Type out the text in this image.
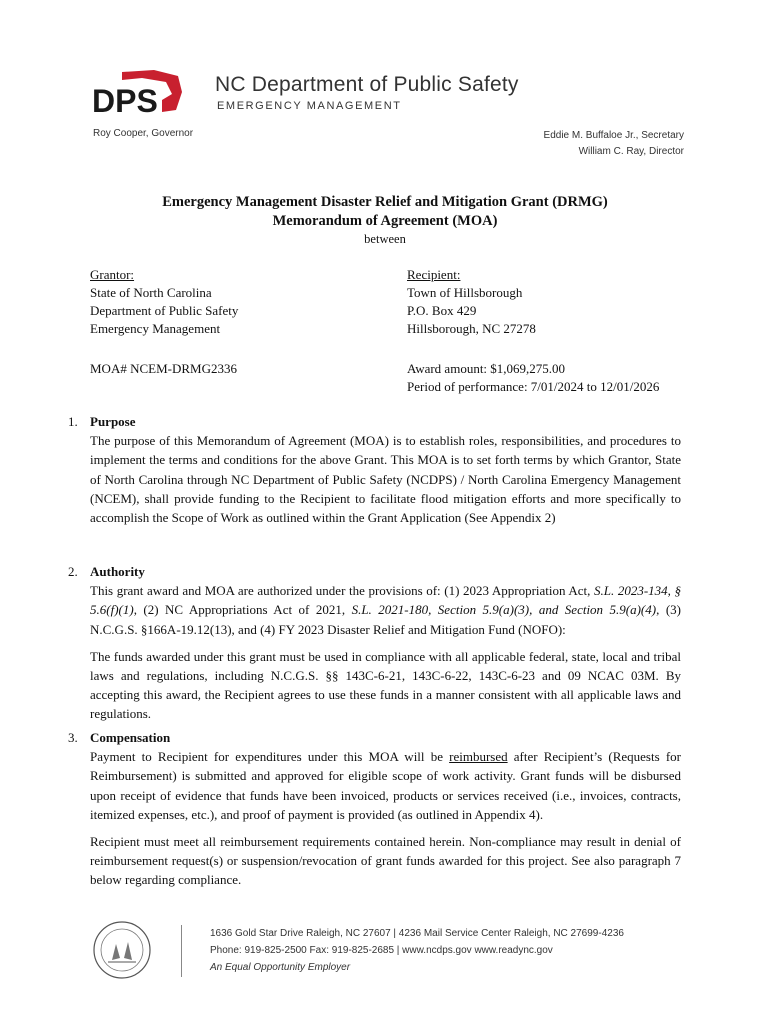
DPS	NC Department of Public Safety
EMERGENCY MANAGEMENT
Roy Cooper, Governor	Eddie M. Buffaloe Jr., Secretary
William C. Ray, Director
Emergency Management Disaster Relief and Mitigation Grant (DRMG)
Memorandum of Agreement (MOA)
between
Grantor:
State of North Carolina
Department of Public Safety
Emergency Management
MOA# NCEM-DRMG2336
Recipient:
Town of Hillsborough
P.O. Box 429
Hillsborough, NC 27278
Award amount: $1,069,275.00
Period of performance: 7/01/2024 to 12/01/2026
1. Purpose

The purpose of this Memorandum of Agreement (MOA) is to establish roles, responsibilities, and procedures to implement the terms and conditions for the above Grant. This MOA is to set forth terms by which Grantor, State of North Carolina through NC Department of Public Safety (NCDPS) / North Carolina Emergency Management (NCEM), shall provide funding to the Recipient to facilitate flood mitigation efforts and more specifically to accomplish the Scope of Work as outlined within the Grant Application (See Appendix 2)

2. Authority

This grant award and MOA are authorized under the provisions of: (1) 2023 Appropriation Act, S.L. 2023-134, § 5.6(f)(1), (2) NC Appropriations Act of 2021, S.L. 2021-180, Section 5.9(a)(3), and Section 5.9(a)(4), (3) N.C.G.S. §166A-19.12(13), and (4) FY 2023 Disaster Relief and Mitigation Fund (NOFO):

The funds awarded under this grant must be used in compliance with all applicable federal, state, local and tribal laws and regulations, including N.C.G.S. §§ 143C-6-21, 143C-6-22, 143C-6-23 and 09 NCAC 03M. By accepting this award, the Recipient agrees to use these funds in a manner consistent with all applicable laws and regulations.

3. Compensation

Payment to Recipient for expenditures under this MOA will be reimbursed after Recipient’s (Requests for Reimbursement) is submitted and approved for eligible scope of work activity. Grant funds will be disbursed upon receipt of evidence that funds have been invoiced, products or services received (i.e., invoices, contracts, itemized expenses, etc.), and proof of payment is provided (as outlined in Appendix 4).

Recipient must meet all reimbursement requirements contained herein. Non-compliance may result in denial of reimbursement request(s) or suspension/revocation of grant funds awarded for this project. See also paragraph 7 below regarding compliance.

1636 Gold Star Drive Raleigh, NC 27607 | 4236 Mail Service Center Raleigh, NC 27699-4236
Phone: 919-825-2500 Fax: 919-825-2685 | www.ncdps.gov www.readync.gov
An Equal Opportunity Employer
